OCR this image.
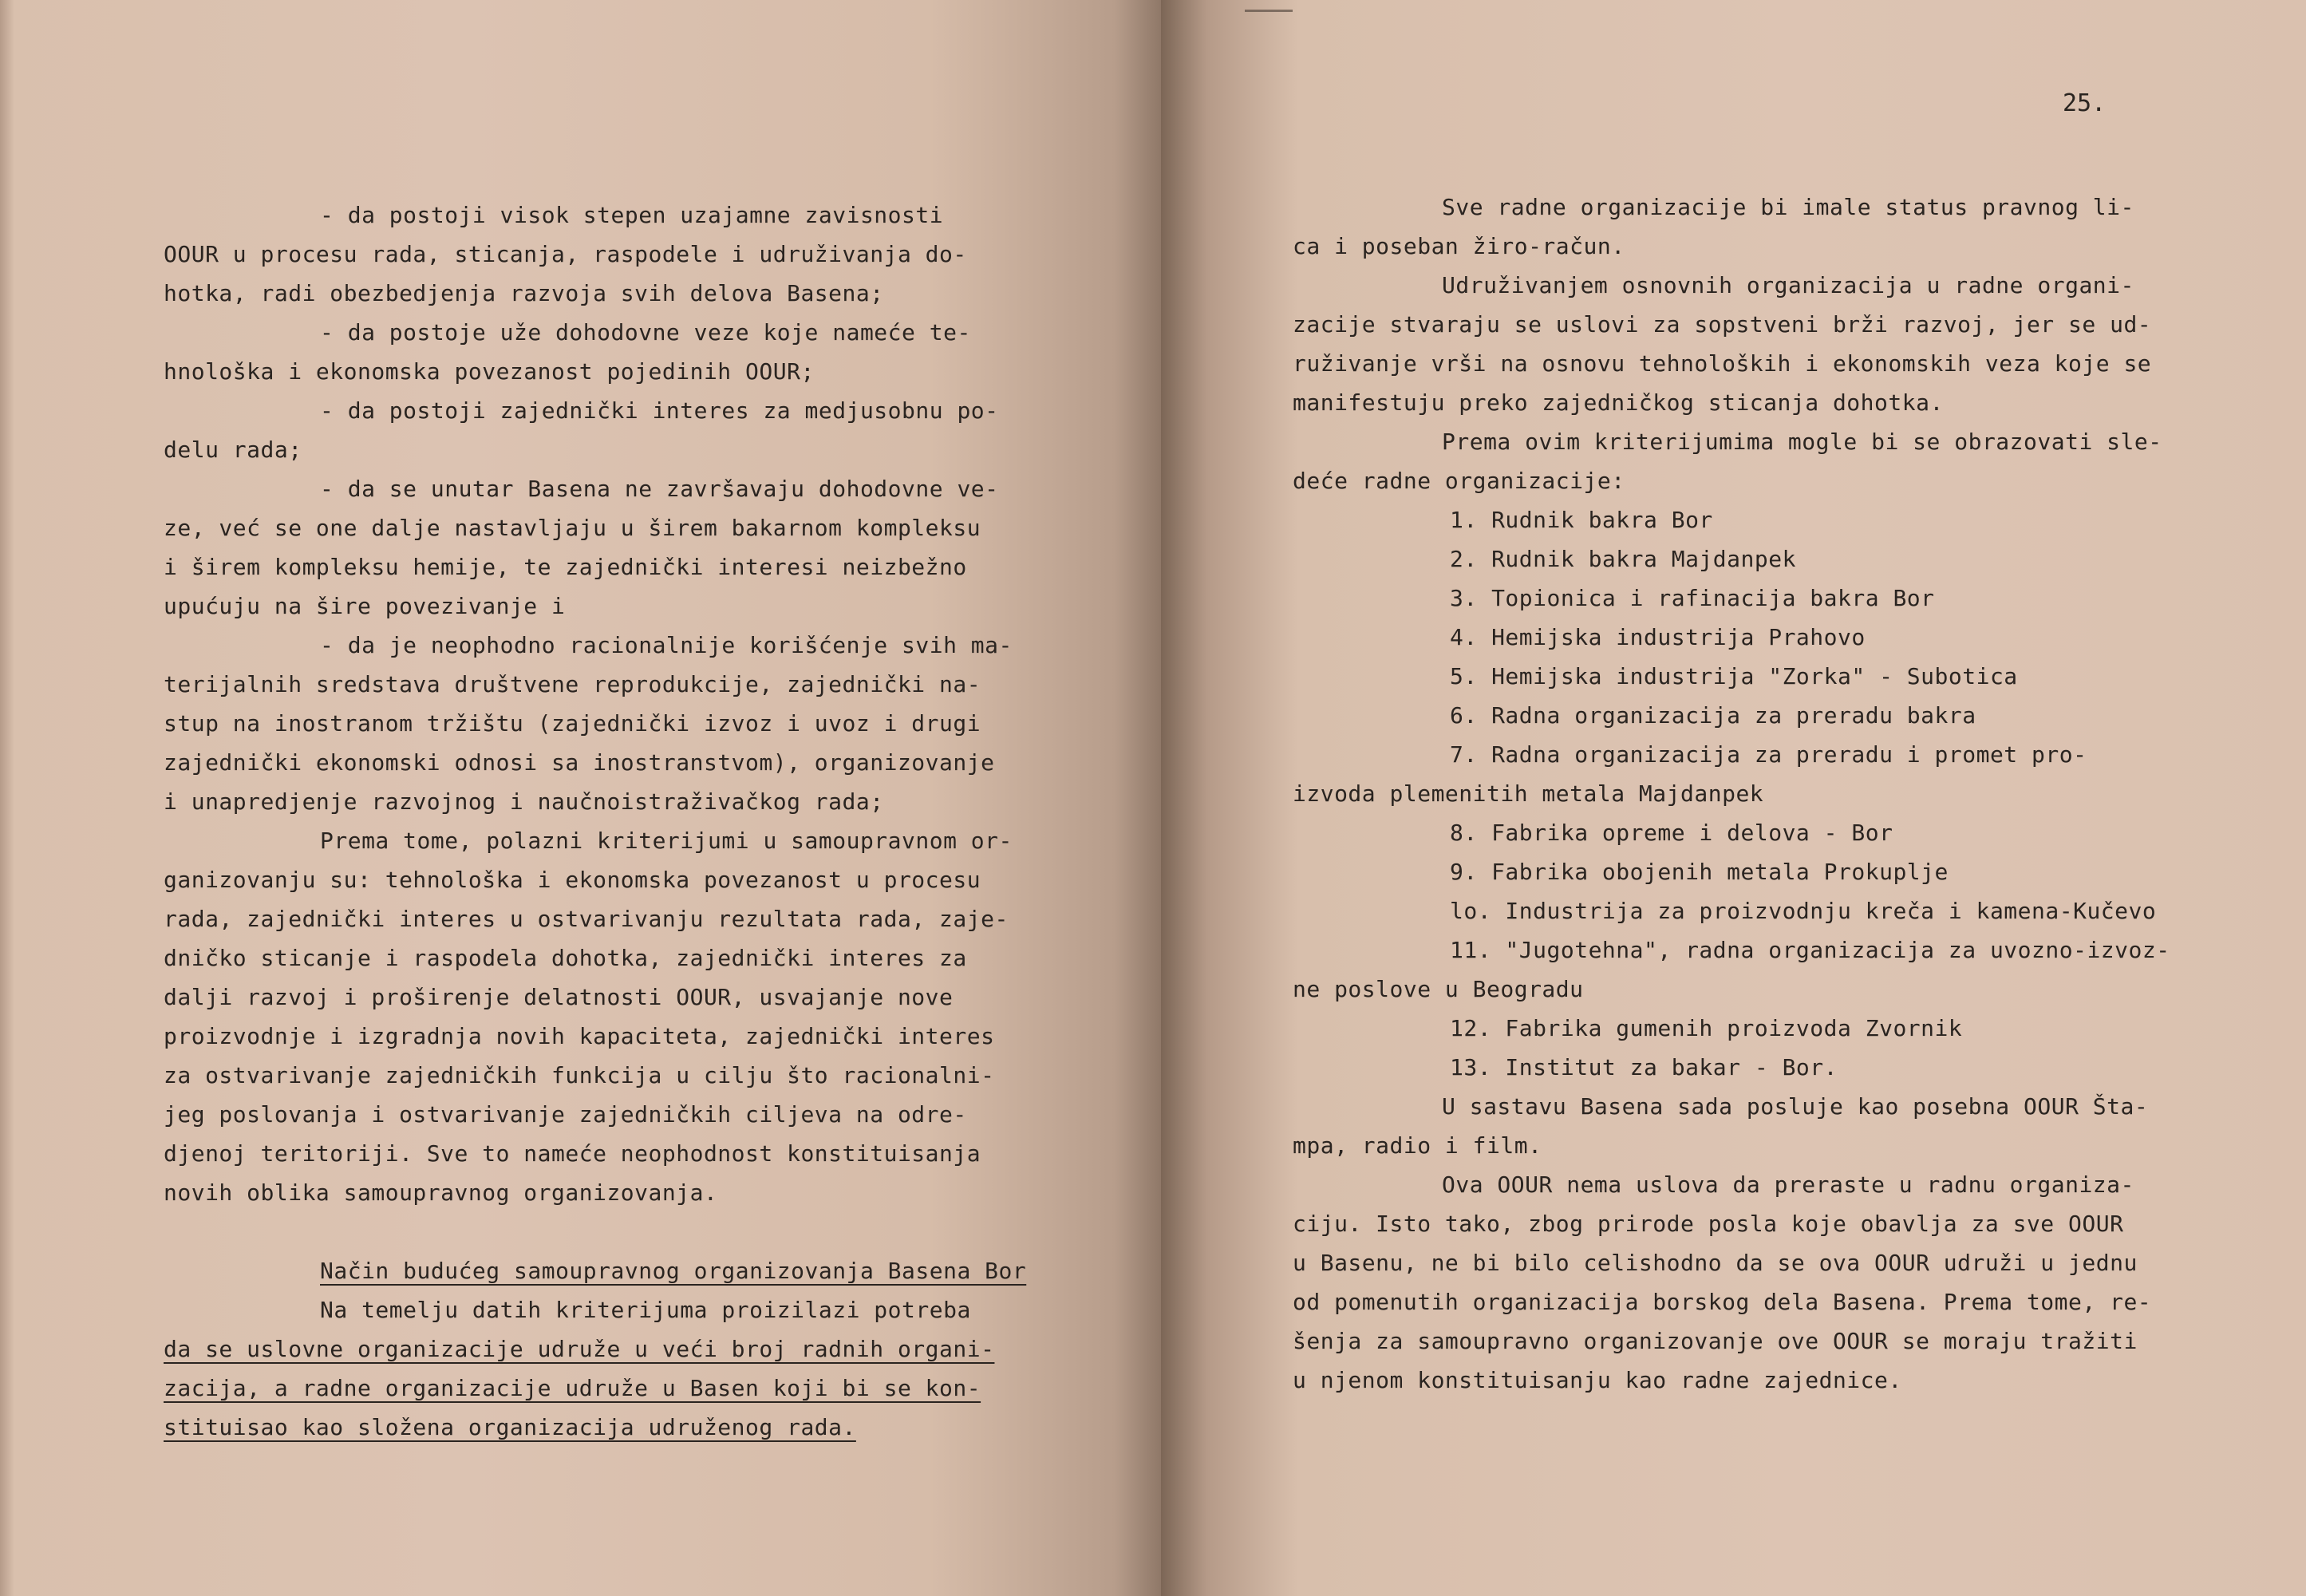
- da postoji visok stepen uzajamne zavisnosti
OOUR u procesu rada, sticanja, raspodele i udruživanja do-
hotka, radi obezbedjenja razvoja svih delova Basena;
- da postoje uže dohodovne veze koje nameće te-
hnološka i ekonomska povezanost pojedinih OOUR;
- da postoji zajednički interes za medjusobnu po-
delu rada;
- da se unutar Basena ne završavaju dohodovne ve-
ze, već se one dalje nastavljaju u širem bakarnom kompleksu
i širem kompleksu hemije, te zajednički interesi neizbežno
upućuju na šire povezivanje i
- da je neophodno racionalnije korišćenje svih ma-
terijalnih sredstava društvene reprodukcije, zajednički na-
stup na inostranom tržištu (zajednički izvoz i uvoz i drugi
zajednički ekonomski odnosi sa inostranstvom), organizovanje
i unapredjenje razvojnog i naučnoistraživačkog rada;
Prema tome, polazni kriterijumi u samoupravnom or-
ganizovanju su: tehnološka i ekonomska povezanost u procesu
rada, zajednički interes u ostvarivanju rezultata rada, zaje-
dničko sticanje i raspodela dohotka, zajednički interes za
dalji razvoj i proširenje delatnosti OOUR, usvajanje nove
proizvodnje i izgradnja novih kapaciteta, zajednički interes
za ostvarivanje zajedničkih funkcija u cilju što racionalni-
jeg poslovanja i ostvarivanje zajedničkih ciljeva na odre-
djenoj teritoriji. Sve to nameće neophodnost konstituisanja
novih oblika samoupravnog organizovanja.

Način budućeg samoupravnog organizovanja Basena Bor
Na temelju datih kriterijuma proizilazi potreba
da se uslovne organizacije udruže u veći broj radnih organi-
zacija, a radne organizacije udruže u Basen koji bi se kon-
stituisao kao složena organizacija udruženog rada.
25.
Sve radne organizacije bi imale status pravnog li-
ca i poseban žiro-račun.
Udruživanjem osnovnih organizacija u radne organi-
zacije stvaraju se uslovi za sopstveni brži razvoj, jer se ud-
ruživanje vrši na osnovu tehnoloških i ekonomskih veza koje se
manifestuju preko zajedničkog sticanja dohotka.
Prema ovim kriterijumima mogle bi se obrazovati sle-
deće radne organizacije:
1. Rudnik bakra Bor
2. Rudnik bakra Majdanpek
3. Topionica i rafinacija bakra Bor
4. Hemijska industrija Prahovo
5. Hemijska industrija "Zorka" - Subotica
6. Radna organizacija za preradu bakra
7. Radna organizacija za preradu i promet pro-
izvoda plemenitih metala Majdanpek
8. Fabrika opreme i delova - Bor
9. Fabrika obojenih metala Prokuplje
lo. Industrija za proizvodnju kreča i kamena-Kučevo
11. "Jugotehna", radna organizacija za uvozno-izvoz-
ne poslove u Beogradu
12. Fabrika gumenih proizvoda Zvornik
13. Institut za bakar - Bor.
U sastavu Basena sada posluje kao posebna OOUR Šta-
mpa, radio i film.
Ova OOUR nema uslova da preraste u radnu organiza-
ciju. Isto tako, zbog prirode posla koje obavlja za sve OOUR
u Basenu, ne bi bilo celishodno da se ova OOUR udruži u jednu
od pomenutih organizacija borskog dela Basena. Prema tome, re-
šenja za samoupravno organizovanje ove OOUR se moraju tražiti
u njenom konstituisanju kao radne zajednice.
